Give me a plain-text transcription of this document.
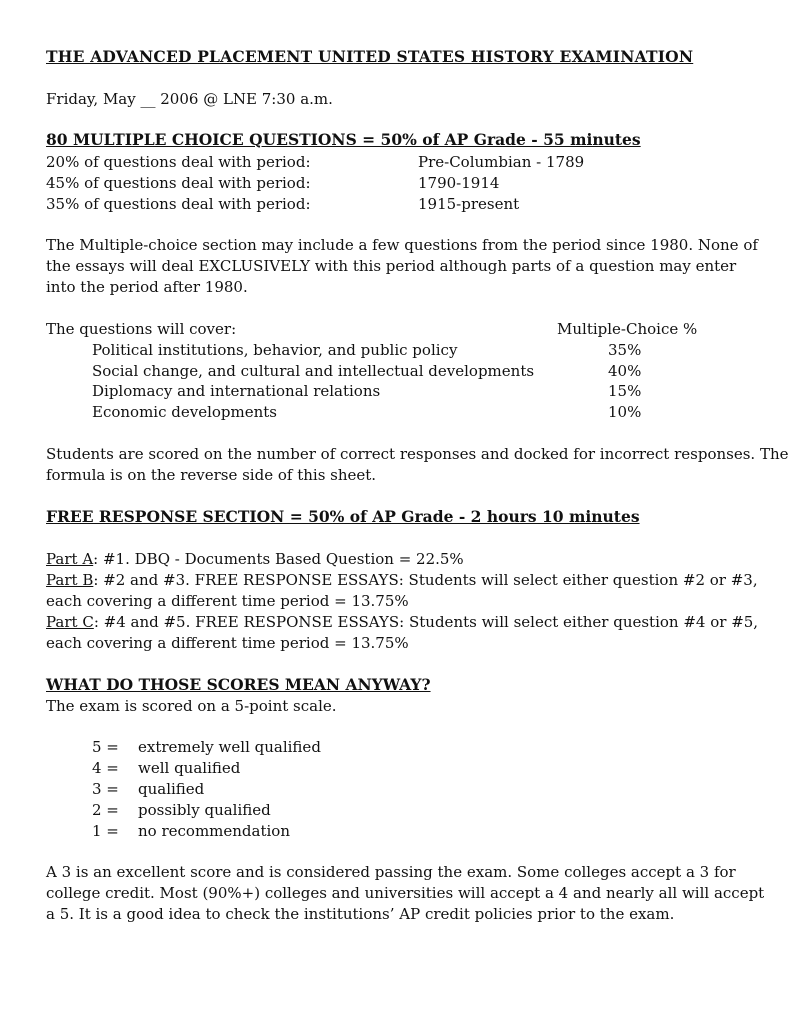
THE ADVANCED PLACEMENT UNITED STATES HISTORY EXAMINATION
Friday, May __ 2006 @ LNE 7:30 a.m.
80 MULTIPLE CHOICE QUESTIONS = 50% of AP Grade - 55 minutes
20% of questions deal with period:	Pre-Columbian - 1789
45% of questions deal with period:	1790-1914
35% of questions deal with period:	1915-present
The Multiple-choice section may include a few questions from the period since 1980. None of
the essays will deal EXCLUSIVELY with this period although parts of a question may enter
into the period after 1980.
The questions will cover:	Multiple-Choice %
Political institutions, behavior, and public policy	35%
Social change, and cultural and intellectual developments	40%
Diplomacy and international relations	15%
Economic developments	10%
Students are scored on the number of correct responses and docked for incorrect responses. The
formula is on the reverse side of this sheet.
FREE RESPONSE SECTION = 50% of AP Grade - 2 hours 10 minutes
Part A: #1. DBQ - Documents Based Question = 22.5%
Part B: #2 and #3. FREE RESPONSE ESSAYS: Students will select either question #2 or #3,
each covering a different time period = 13.75%
Part C: #4 and #5. FREE RESPONSE ESSAYS: Students will select either question #4 or #5,
each covering a different time period = 13.75%
WHAT DO THOSE SCORES MEAN ANYWAY?
The exam is scored on a 5-point scale.
5 = extremely well qualified
4 = well qualified
3 = qualified
2 = possibly qualified
1 = no recommendation
A 3 is an excellent score and is considered passing the exam. Some colleges accept a 3 for
college credit. Most (90%+) colleges and universities will accept a 4 and nearly all will accept
a 5. It is a good idea to check the institutions’ AP credit policies prior to the exam.
